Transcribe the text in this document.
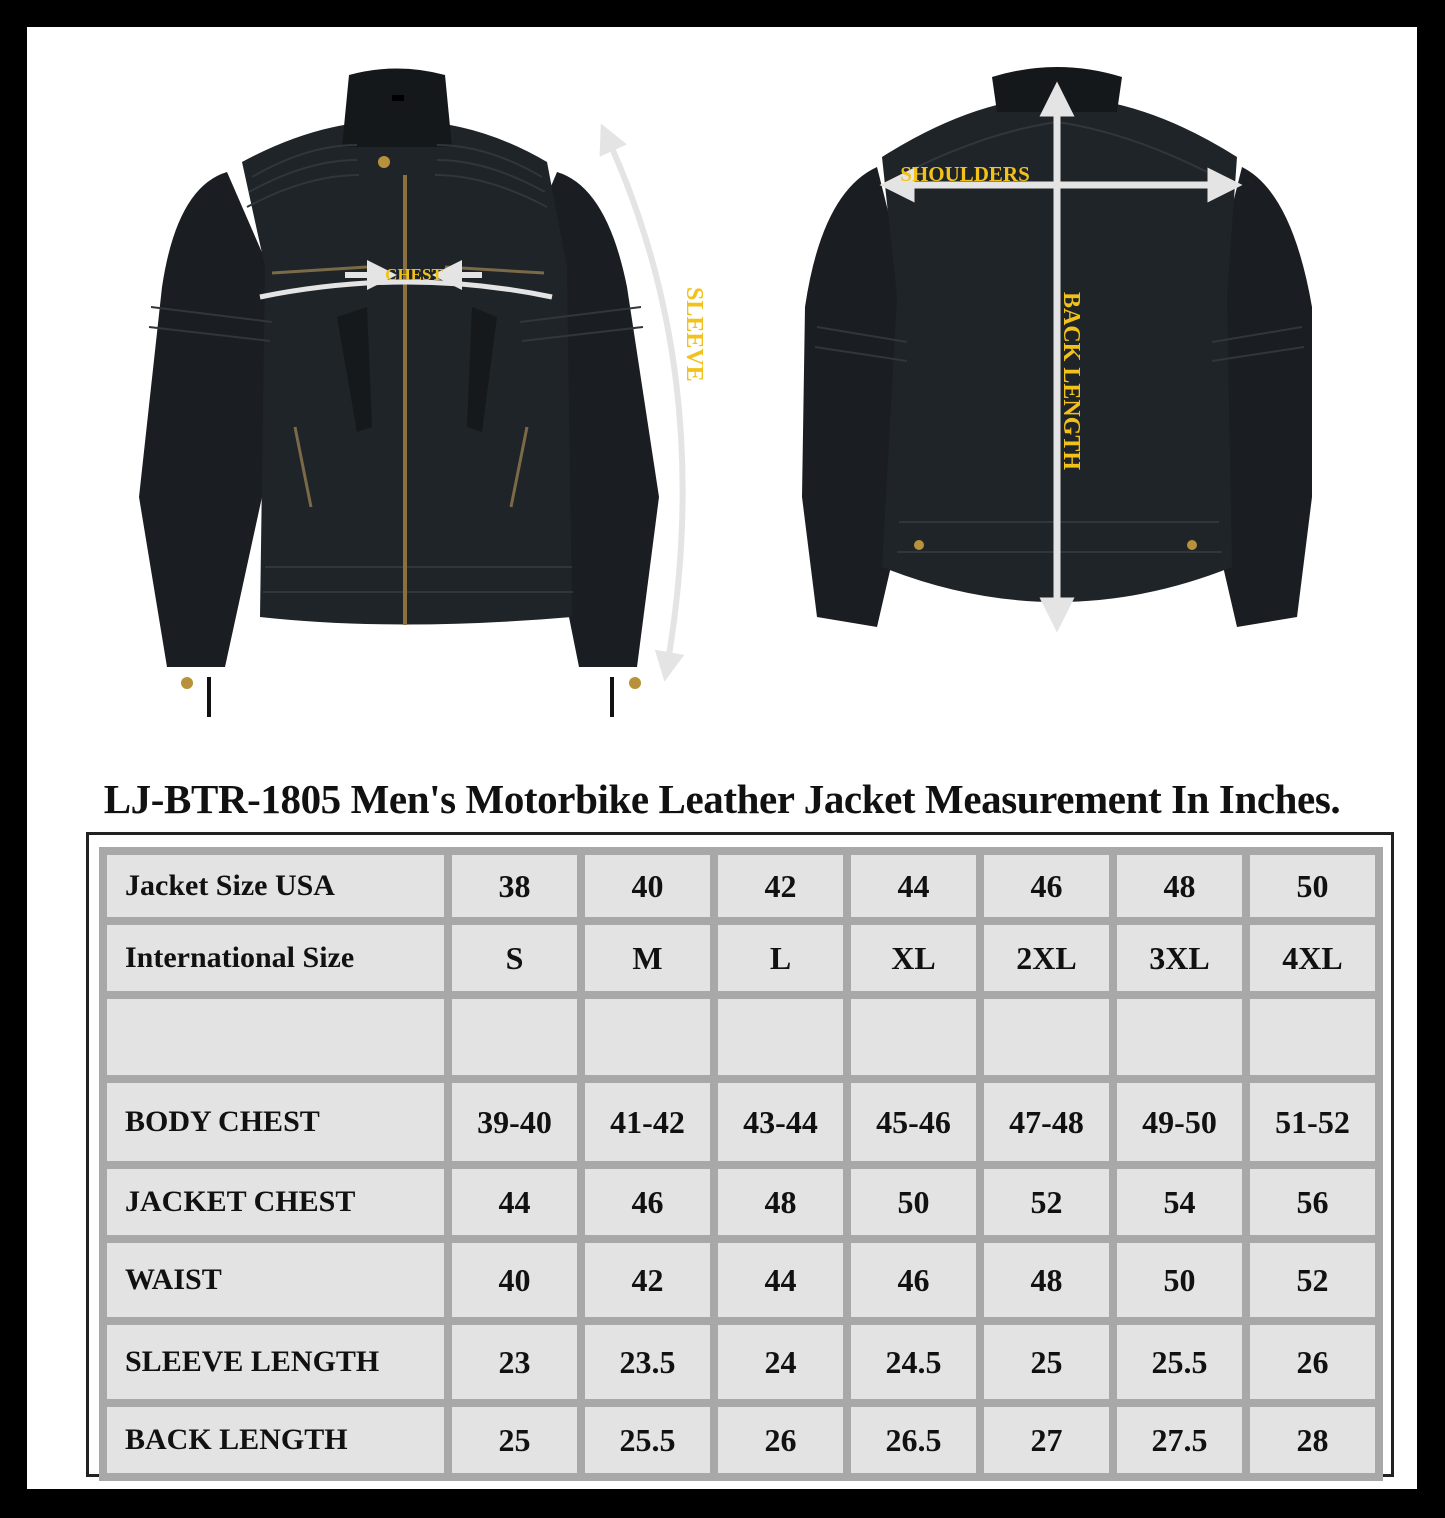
CHEST
SLEEVE
SHOULDERS
BACK LENGTH
LJ-BTR-1805 Men's Motorbike Leather Jacket Measurement In Inches.
Jacket Size USA	38	40	42	44	46	48	50
International Size	S	M	L	XL	2XL	3XL	4XL

BODY CHEST	39-40	41-42	43-44	45-46	47-48	49-50	51-52
JACKET CHEST	44	46	48	50	52	54	56
WAIST	40	42	44	46	48	50	52
SLEEVE LENGTH	23	23.5	24	24.5	25	25.5	26
BACK LENGTH	25	25.5	26	26.5	27	27.5	28
